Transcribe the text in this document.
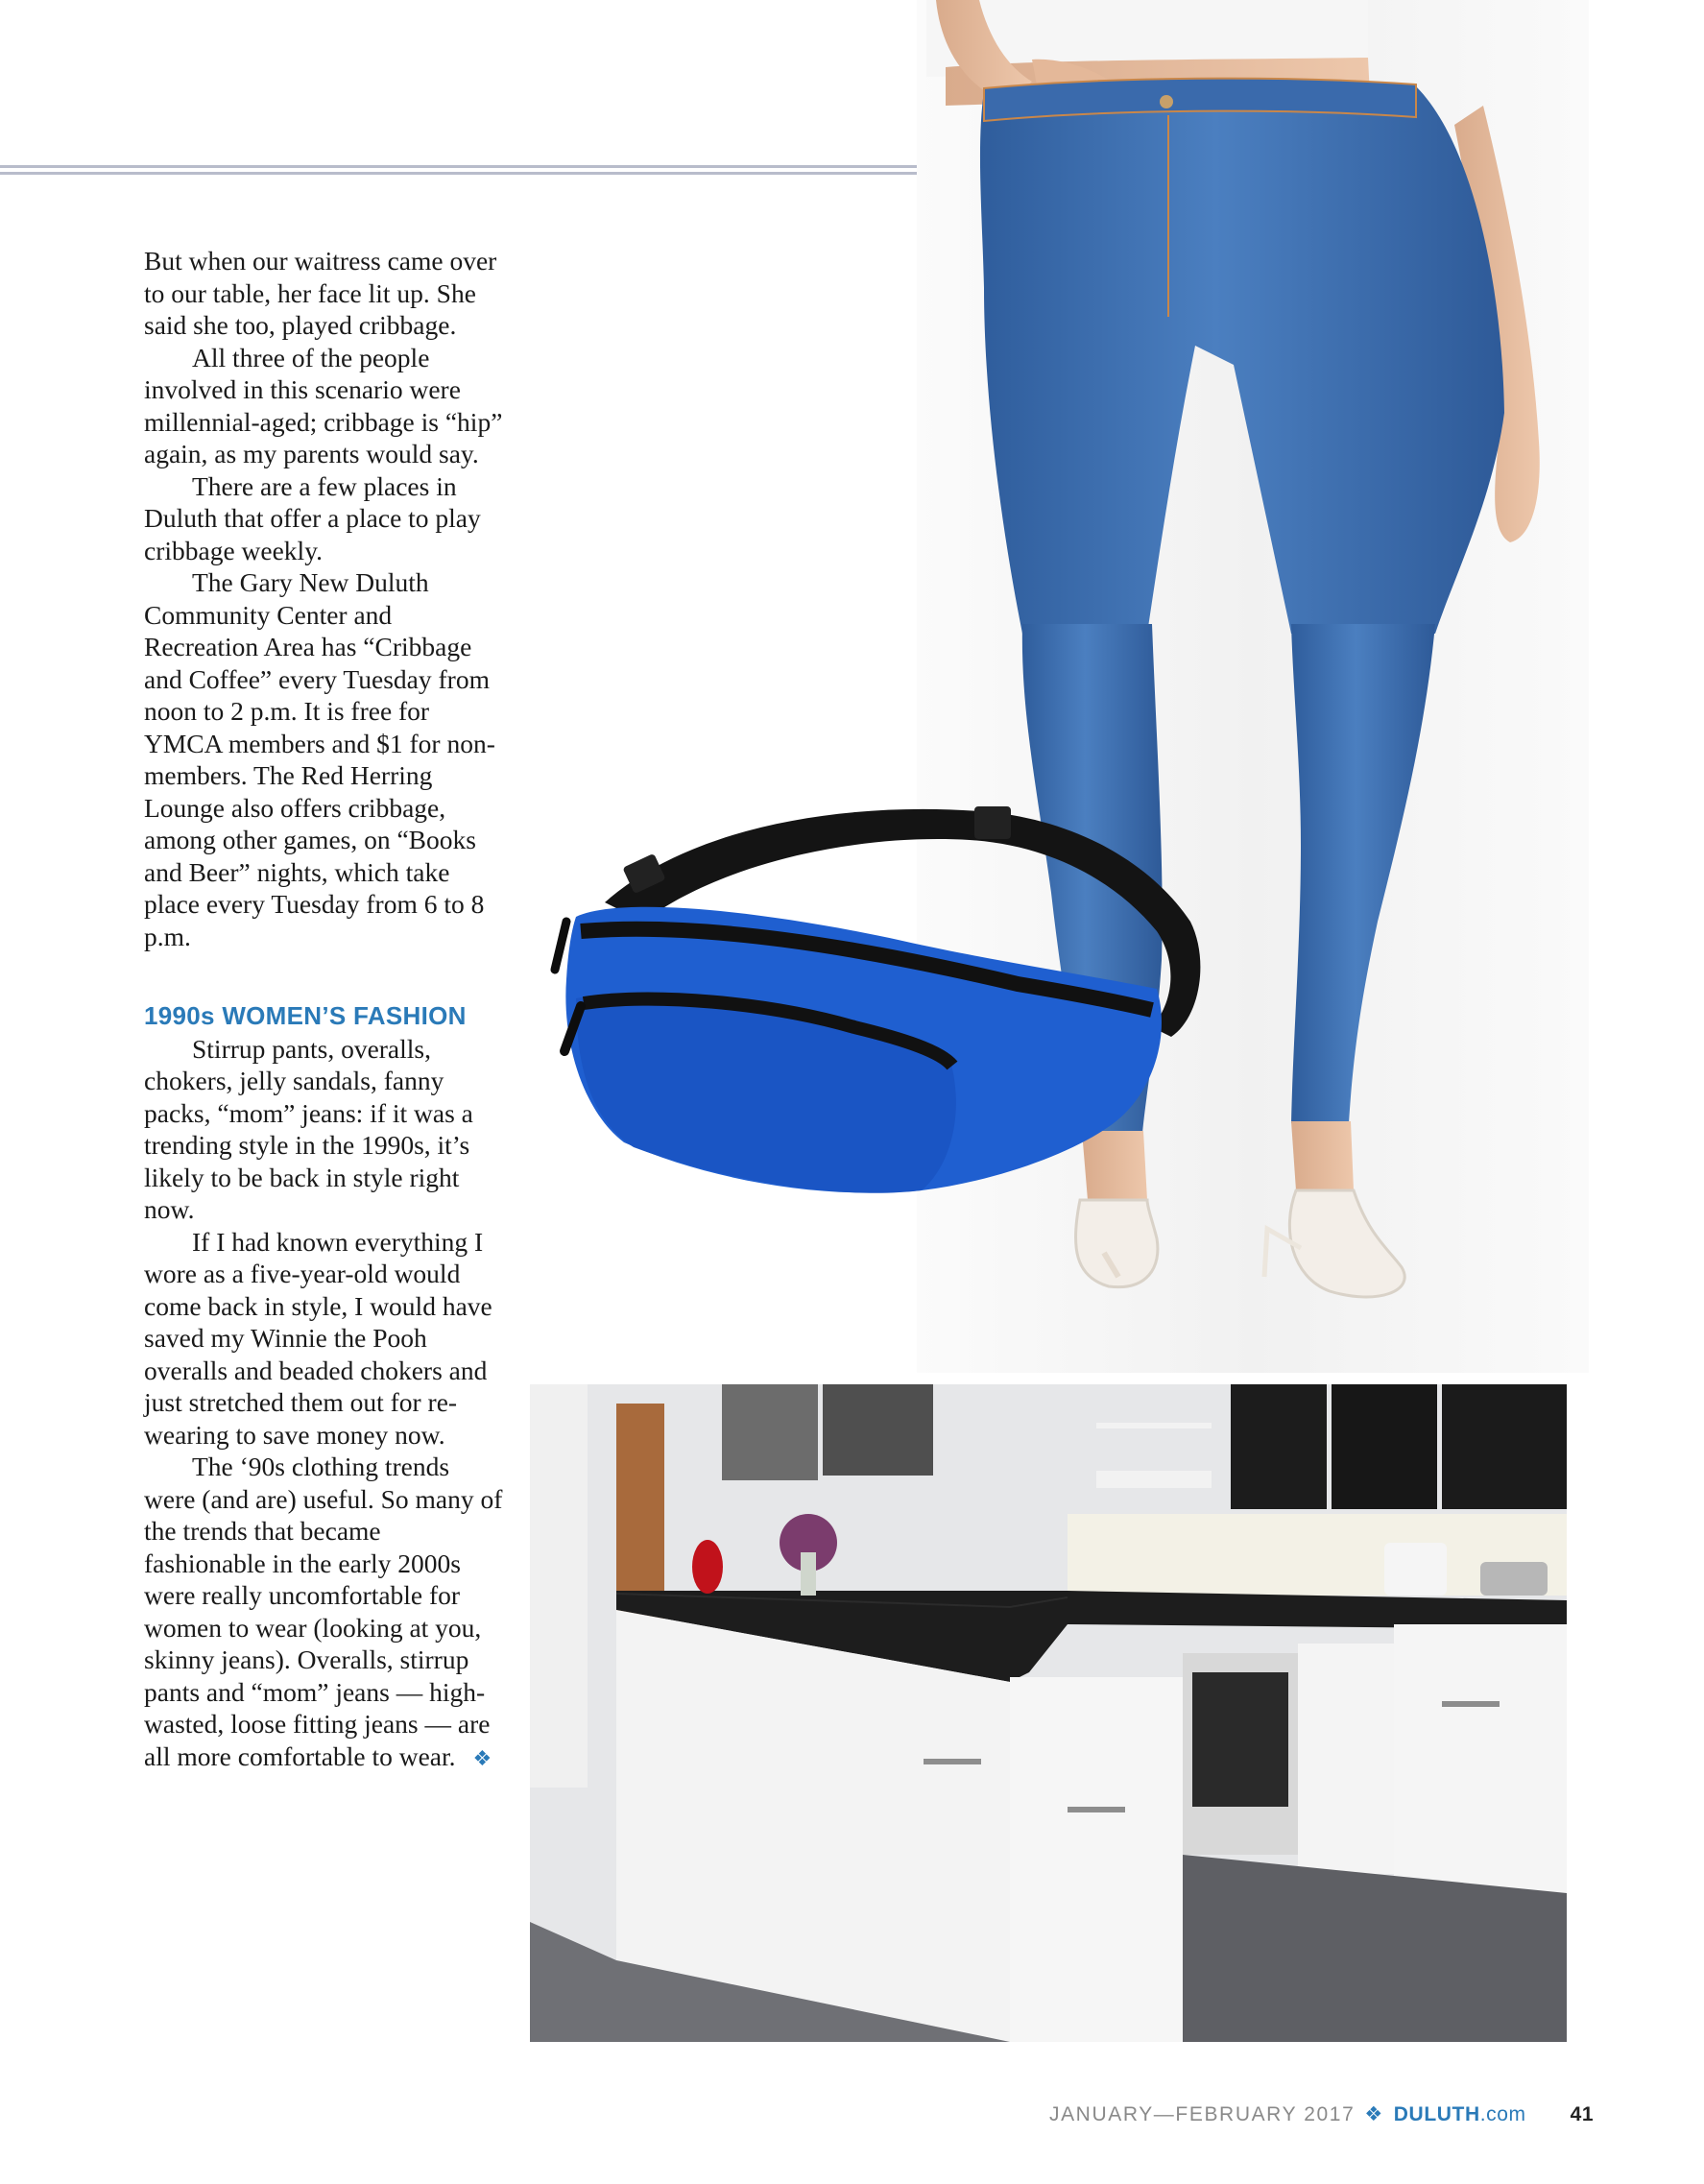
But when our waitress came over to our table, her face lit up. She said she too, played cribbage.

All three of the people involved in this scenario were millennial-aged; cribbage is “hip” again, as my parents would say.

There are a few places in Duluth that offer a place to play cribbage weekly.

The Gary New Duluth Community Center and Recreation Area has “Cribbage and Coffee” every Tuesday from noon to 2 p.m. It is free for YMCA members and $1 for non-members. The Red Herring Lounge also offers cribbage, among other games, on “Books and Beer” nights, which take place every Tuesday from 6 to 8 p.m.

1990s WOMEN’S FASHION

Stirrup pants, overalls, chokers, jelly sandals, fanny packs, “mom” jeans: if it was a trending style in the 1990s, it’s likely to be back in style right now.

If I had known everything I wore as a five-year-old would come back in style, I would have saved my Winnie the Pooh overalls and beaded chokers and just stretched them out for re-wearing to save money now.

The ‘90s clothing trends were (and are) useful. So many of the trends that became fashionable in the early 2000s were really uncomfortable for women to wear (looking at you, skinny jeans). Overalls, stirrup pants and “mom” jeans — high-wasted, loose fitting jeans — are all more comfortable to wear. ❖

JANUARY—FEBRUARY 2017 ❖ DULUTH.com 41
